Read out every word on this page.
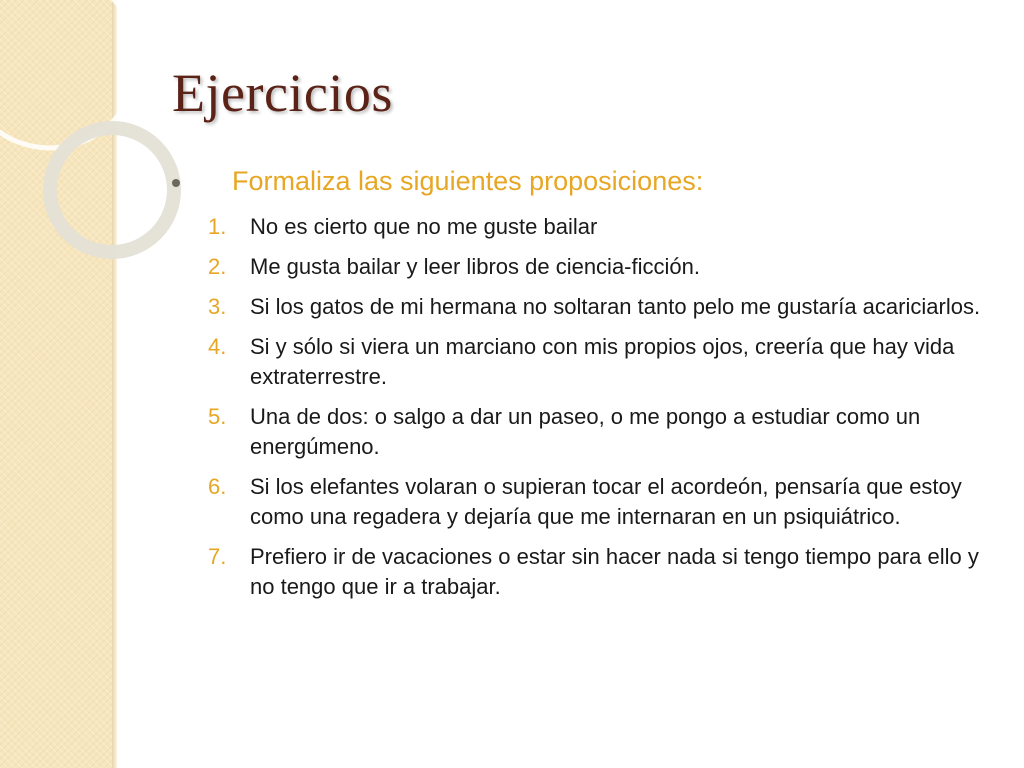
Ejercicios
Formaliza las siguientes proposiciones:
1.	No es cierto que no me guste bailar
2.	Me gusta bailar y leer libros de ciencia-ficción.
3.	Si los gatos de mi hermana no soltaran tanto pelo me gustaría acariciarlos.
4.	Si y sólo si viera un marciano con mis propios ojos, creería que hay vida extraterrestre.
5.	Una de dos: o salgo a dar un paseo, o me pongo a estudiar como un energúmeno.
6.	Si los elefantes volaran o supieran tocar el acordeón, pensaría que estoy como una regadera y dejaría que me internaran en un psiquiátrico.
7.	Prefiero ir de vacaciones o estar sin hacer nada si tengo tiempo para ello y no tengo que ir a trabajar.
